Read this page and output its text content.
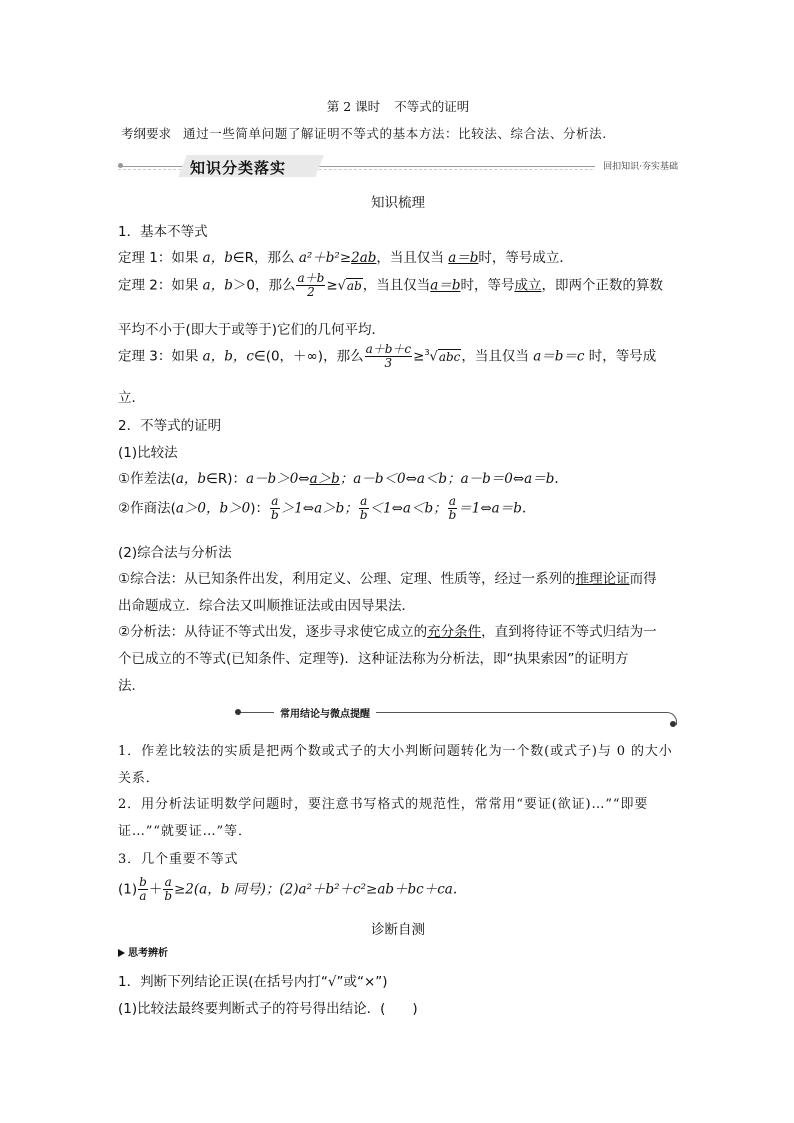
第 2 课时 不等式的证明
考纲要求 通过一些简单问题了解证明不等式的基本方法：比较法、综合法、分析法.
知识分类落实	回扣知识·夯实基础
知识梳理
1．基本不等式
定理 1：如果 a，b∈R，那么 a²＋b²≥2ab，当且仅当 a＝b时，等号成立．
定理 2：如果 a，b＞0，那么 $\frac{a+b}{2} \ge√ab$，当且仅当a＝b时，等号成立，即两个正数的算数
平均不小于(即大于或等于)它们的几何平均．
定理 3：如果 a，b，c∈(0，＋∞)，那么 $\frac{a+b+c}{3} \ge^3√abc$，当且仅当 a＝b＝c 时，等号成
立．
2．不等式的证明
(1)比较法
①作差法(a，b∈R)：a－b＞0⇔a＞b；a－b＜0⇔a＜b；a－b＝0⇔a＝b.
②作商法(a＞0，b＞0)： $\frac{a}{b}$ ＞1⇔a＞b； $\frac{a}{b}$ ＜1⇔a＜b； $\frac{a}{b}$ ＝1⇔a＝b.
(2)综合法与分析法
①综合法：从已知条件出发，利用定义、公理、定理、性质等，经过一系列的推理论证而得
出命题成立．综合法又叫顺推证法或由因导果法．
②分析法：从待证不等式出发，逐步寻求使它成立的充分条件，直到将待证不等式归结为一
个已成立的不等式(已知条件、定理等)．这种证法称为分析法，即“执果索因”的证明方
法．
常用结论与微点提醒
1．作差比较法的实质是把两个数或式子的大小判断问题转化为一个数(或式子)与 0 的大小
关系．
2．用分析法证明数学问题时，要注意书写格式的规范性，常常用“要证(欲证)…”“即要
证…”“就要证…”等．
3．几个重要不等式
$(1) \frac{b}{a} + \frac{a}{b} \ge 2(a$，b 同号)；(2)a²＋b²＋c²≥ab＋bc＋ca.
诊断自测
思考辨析
1．判断下列结论正误(在括号内打“√”或“×”)
(1)比较法最终要判断式子的符号得出结论．(　　)
